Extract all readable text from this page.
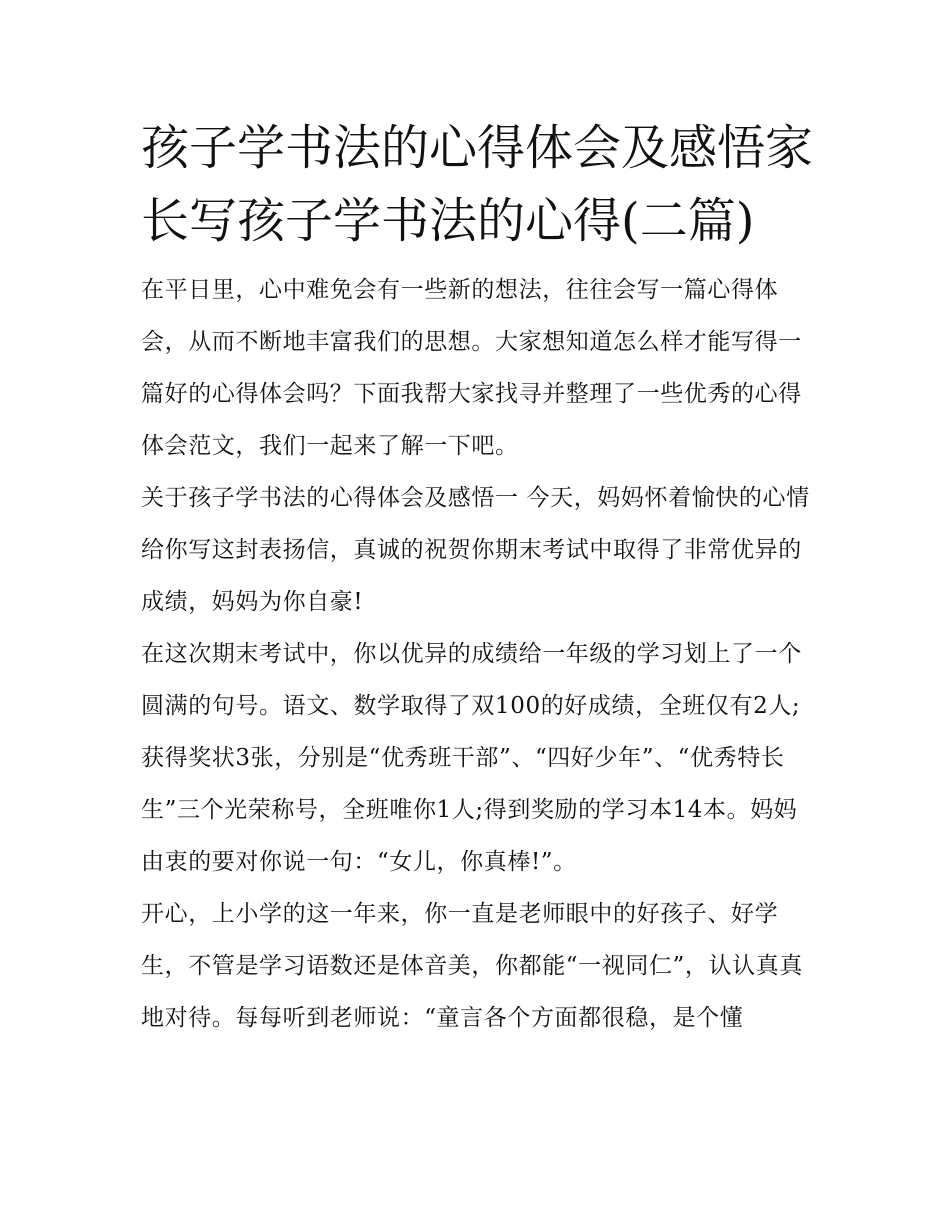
孩子学书法的心得体会及感悟家长写孩子学书法的心得(二篇)

在平日里，心中难免会有一些新的想法，往往会写一篇心得体会，从而不断地丰富我们的思想。大家想知道怎么样才能写得一篇好的心得体会吗？下面我帮大家找寻并整理了一些优秀的心得体会范文，我们一起来了解一下吧。

关于孩子学书法的心得体会及感悟一 今天，妈妈怀着愉快的心情给你写这封表扬信，真诚的祝贺你期末考试中取得了非常优异的成绩，妈妈为你自豪!

在这次期末考试中，你以优异的成绩给一年级的学习划上了一个圆满的句号。语文、数学取得了双100的好成绩，全班仅有2人;获得奖状3张，分别是“优秀班干部”、“四好少年”、“优秀特长生”三个光荣称号，全班唯你1人;得到奖励的学习本14本。妈妈由衷的要对你说一句：“女儿，你真棒!”。

开心，上小学的这一年来，你一直是老师眼中的好孩子、好学生，不管是学习语数还是体音美，你都能“一视同仁”，认认真真地对待。每每听到老师说：“童言各个方面都很稳，是个懂
